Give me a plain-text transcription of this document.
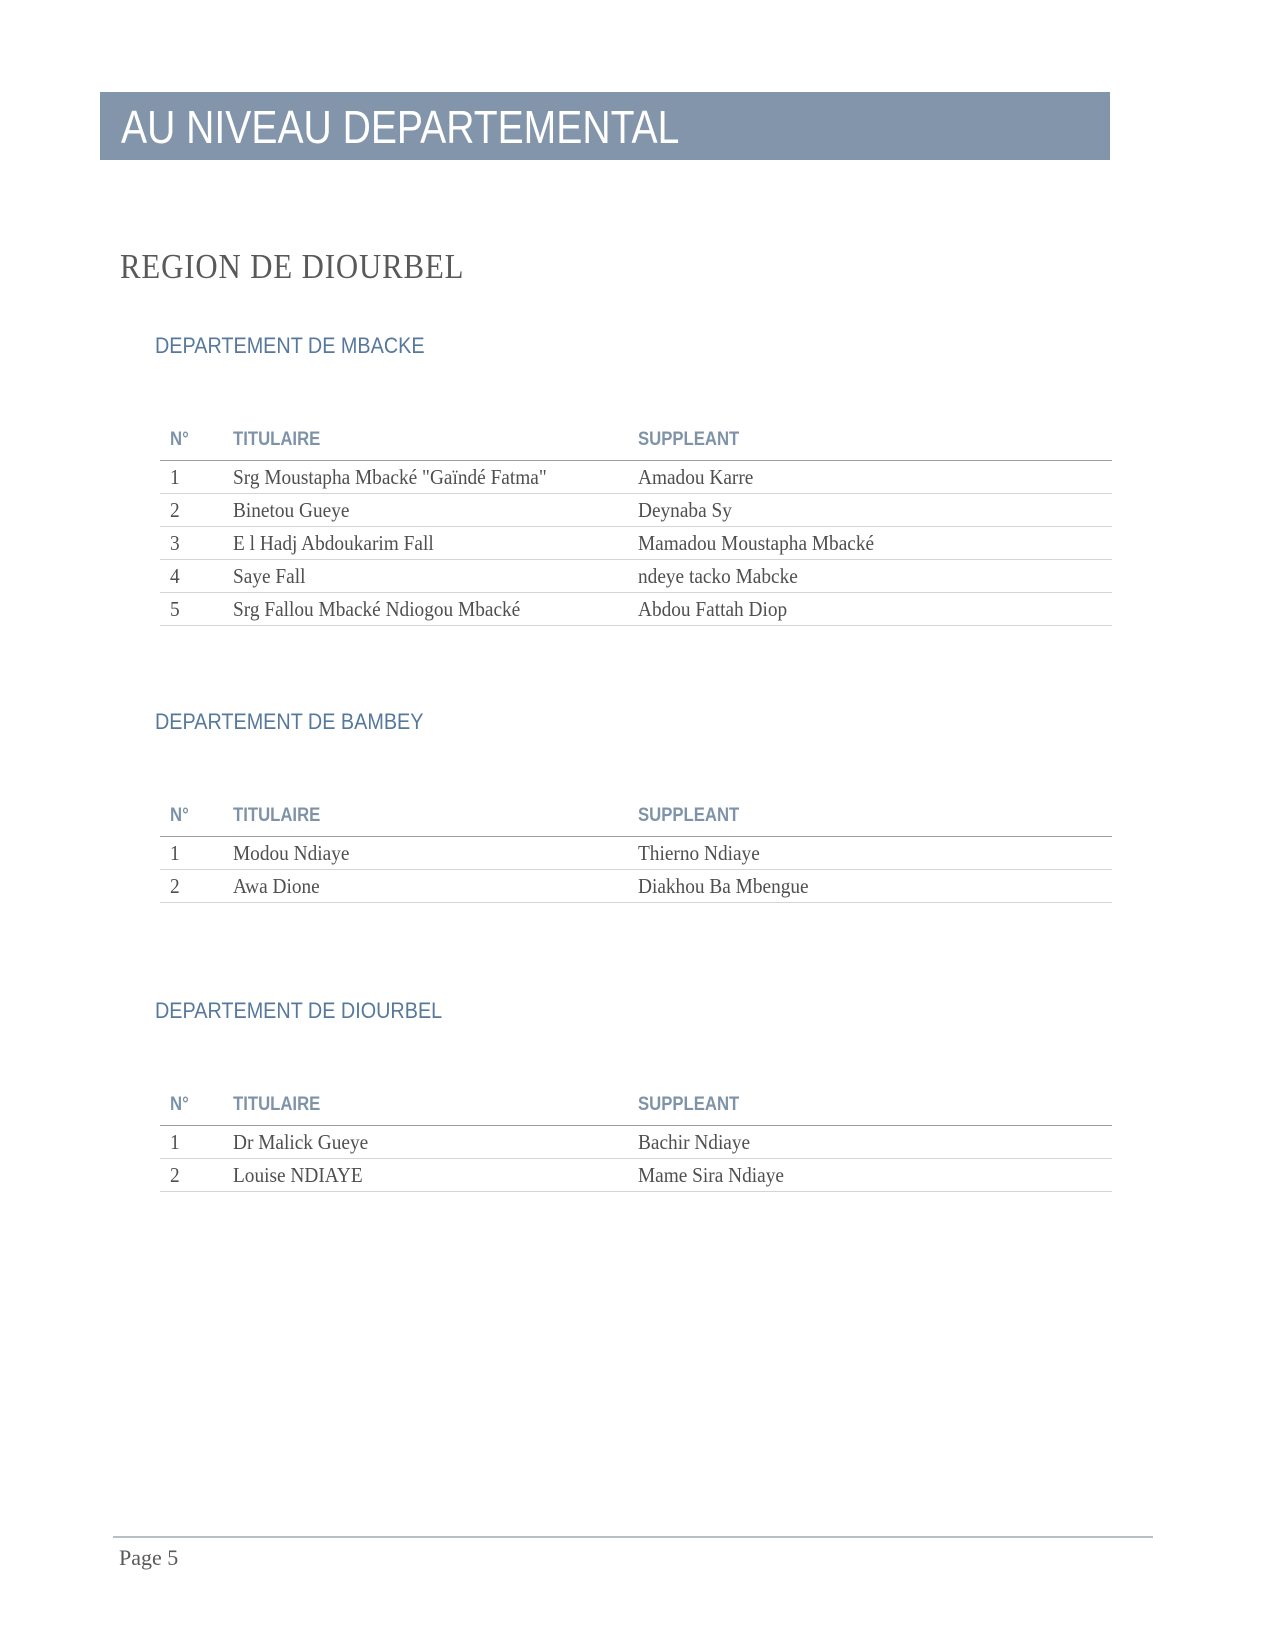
AU NIVEAU DEPARTEMENTAL
REGION DE DIOURBEL
DEPARTEMENT DE MBACKE
N°	TITULAIRE	SUPPLEANT
1	Srg Moustapha Mbacké "Gaïndé Fatma"	Amadou Karre
2	Binetou Gueye	Deynaba Sy
3	E l Hadj Abdoukarim Fall	Mamadou Moustapha Mbacké
4	Saye Fall	ndeye tacko Mabcke
5	Srg Fallou Mbacké Ndiogou Mbacké	Abdou Fattah Diop
DEPARTEMENT DE BAMBEY
N°	TITULAIRE	SUPPLEANT
1	Modou Ndiaye	Thierno Ndiaye
2	Awa Dione	Diakhou Ba Mbengue
DEPARTEMENT DE DIOURBEL
N°	TITULAIRE	SUPPLEANT
1	Dr Malick Gueye	Bachir Ndiaye
2	Louise NDIAYE	Mame Sira Ndiaye
Page 5
